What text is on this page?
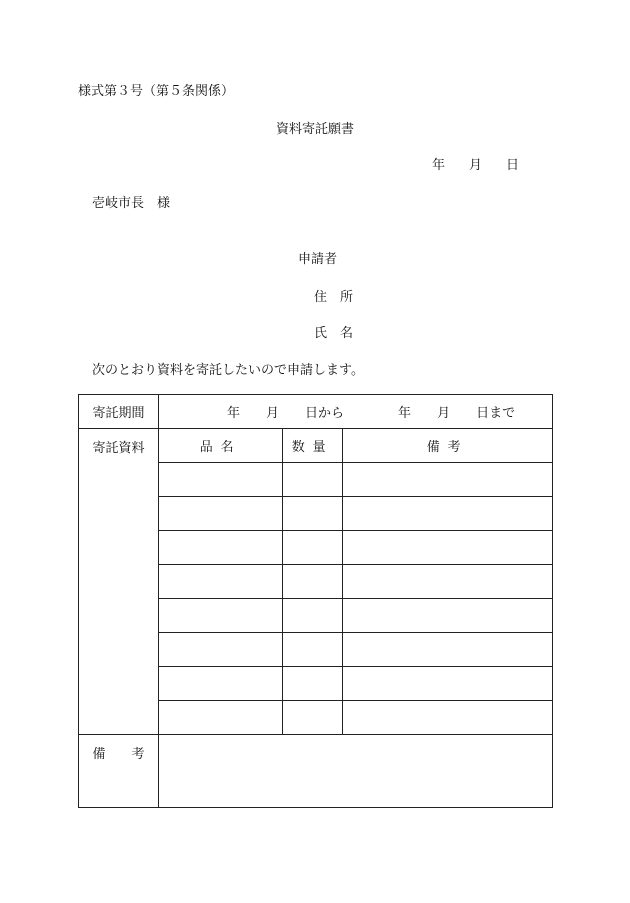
様式第３号（第５条関係）
資料寄託願書
年 月 日
壱岐市長　様
申請者
住　所
氏　名
次のとおり資料を寄託したいので申請します。
寄託期間	年 月 日から 年 月 日まで		
寄託資料	品名	数量	備考

備　　考			
